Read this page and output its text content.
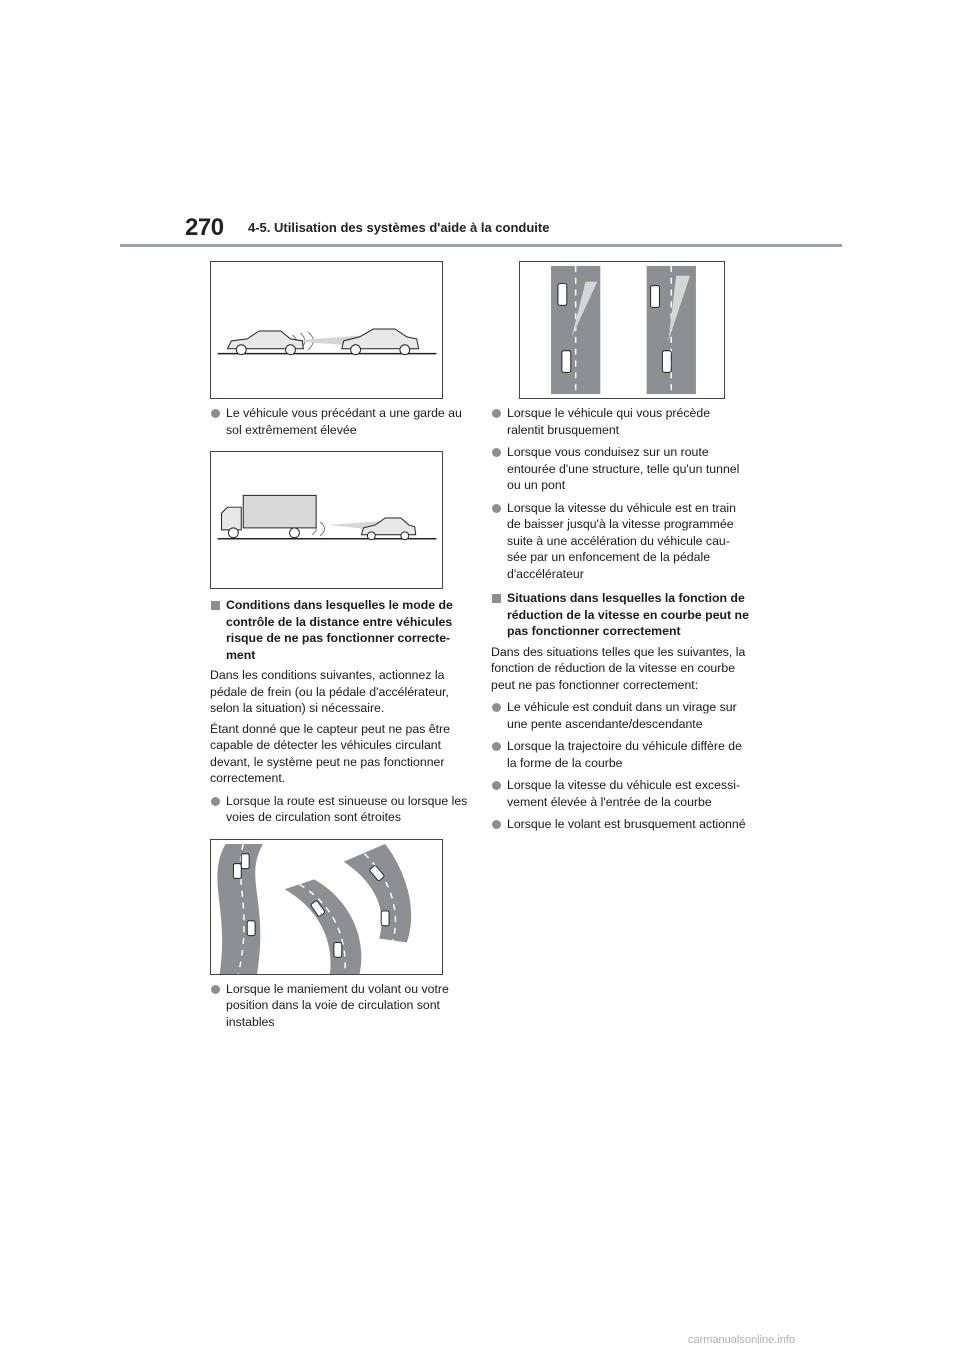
270 4-5. Utilisation des systèmes d'aide à la conduite
Le véhicule vous précédant a une garde au sol extrêmement élevée
Conditions dans lesquelles le mode de contrôle de la distance entre véhicules risque de ne pas fonctionner correcte-ment

Dans les conditions suivantes, actionnez la pédale de frein (ou la pédale d'accélérateur, selon la situation) si nécessaire.

Étant donné que le capteur peut ne pas être capable de détecter les véhicules circulant devant, le système peut ne pas fonctionner correctement.

Lorsque la route est sinueuse ou lorsque les voies de circulation sont étroites
Lorsque le maniement du volant ou votre position dans la voie de circulation sont instables
Lorsque le véhicule qui vous précède ralentit brusquement
Lorsque vous conduisez sur un route entourée d'une structure, telle qu'un tunnel ou un pont
Lorsque la vitesse du véhicule est en train de baisser jusqu'à la vitesse programmée suite à une accélération du véhicule cau-sée par un enfoncement de la pédale d'accélérateur
Situations dans lesquelles la fonction de réduction de la vitesse en courbe peut ne pas fonctionner correctement

Dans des situations telles que les suivantes, la fonction de réduction de la vitesse en courbe peut ne pas fonctionner correctement:

Le véhicule est conduit dans un virage sur une pente ascendante/descendante
Lorsque la trajectoire du véhicule diffère de la forme de la courbe
Lorsque la vitesse du véhicule est excessi-vement élevée à l'entrée de la courbe
Lorsque le volant est brusquement actionné
carmanualsonline.info
